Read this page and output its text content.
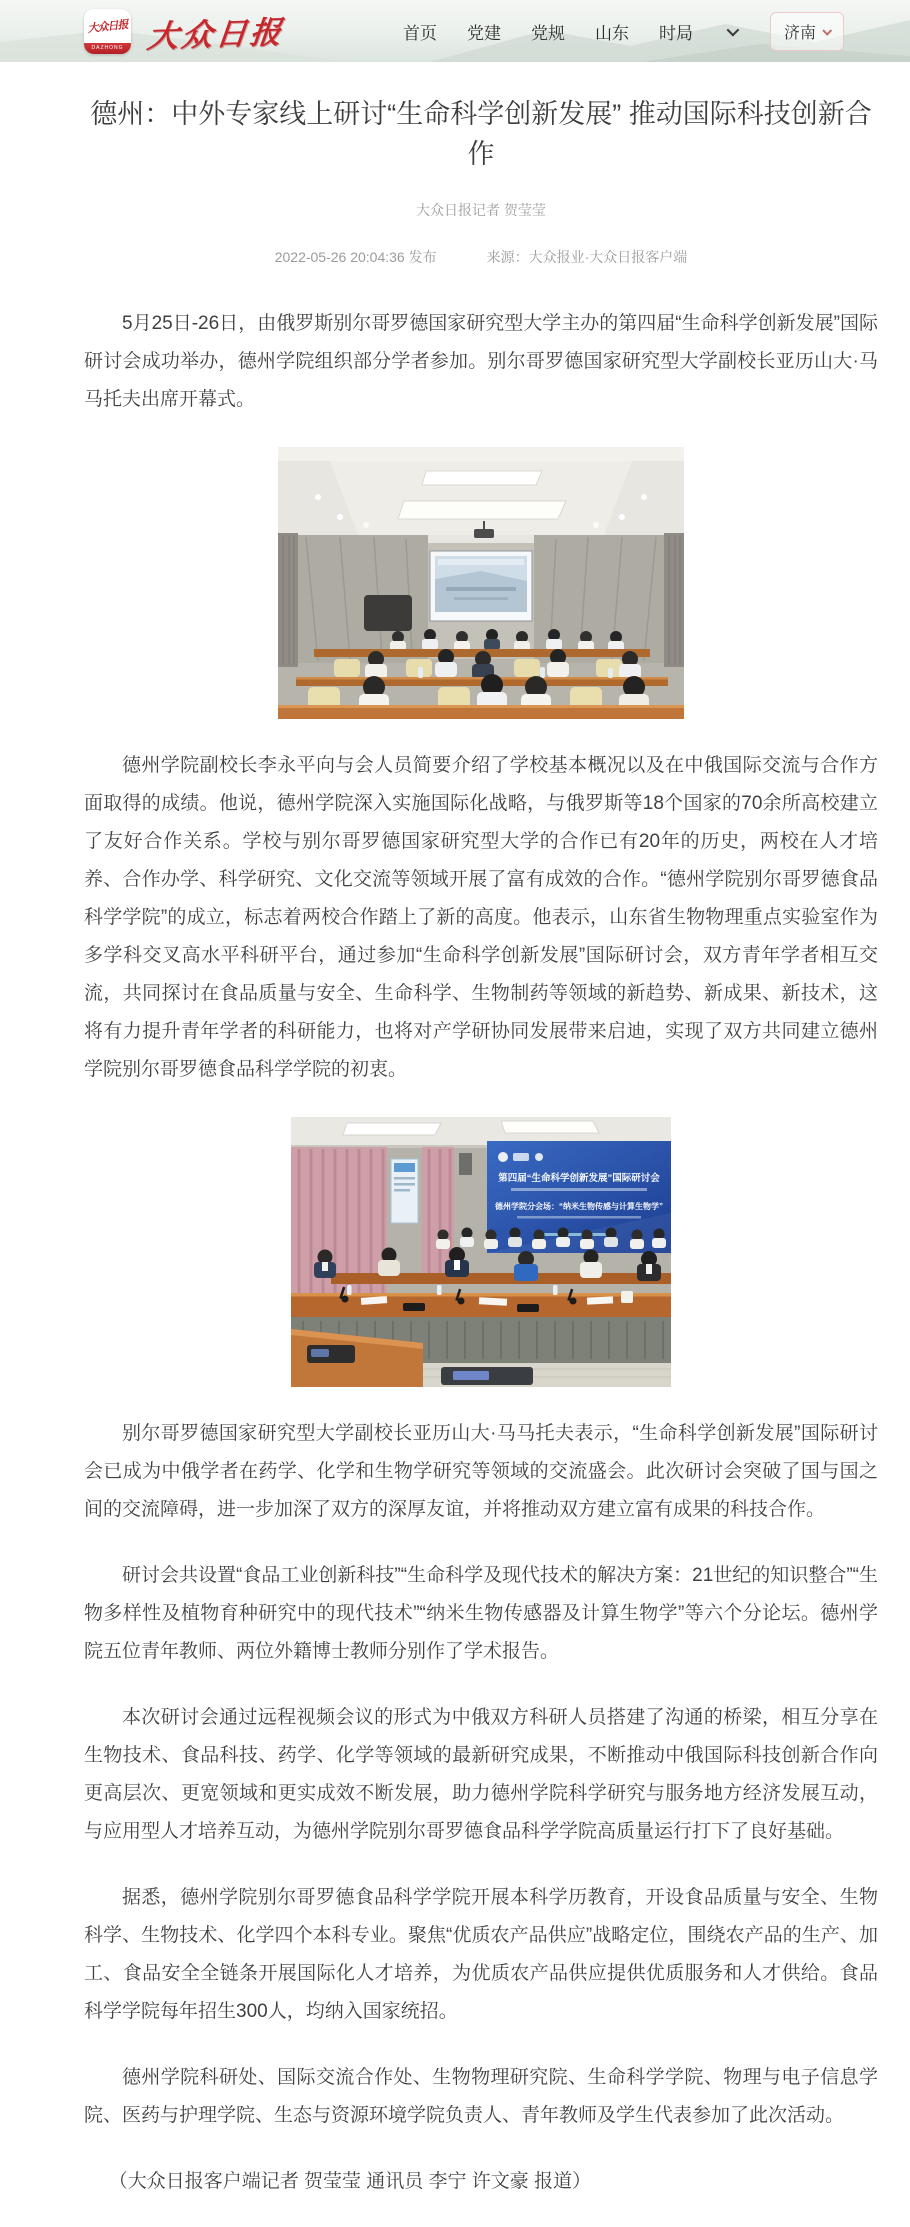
大众日报
DAZHONG 大众日报	首页 党建 党规 山东 时局	济南
德州：中外专家线上研讨“生命科学创新发展” 推动国际科技创新合作
大众日报记者 贺莹莹
2022-05-26 20:04:36 发布	来源：大众报业·大众日报客户端

5月25日-26日，由俄罗斯别尔哥罗德国家研究型大学主办的第四届“生命科学创新发展”国际研讨会成功举办，德州学院组织部分学者参加。别尔哥罗德国家研究型大学副校长亚历山大·马马托夫出席开幕式。

德州学院副校长李永平向与会人员简要介绍了学校基本概况以及在中俄国际交流与合作方面取得的成绩。他说，德州学院深入实施国际化战略，与俄罗斯等18个国家的70余所高校建立了友好合作关系。学校与别尔哥罗德国家研究型大学的合作已有20年的历史，两校在人才培养、合作办学、科学研究、文化交流等领域开展了富有成效的合作。“德州学院别尔哥罗德食品科学学院”的成立，标志着两校合作踏上了新的高度。他表示，山东省生物物理重点实验室作为多学科交叉高水平科研平台，通过参加“生命科学创新发展”国际研讨会，双方青年学者相互交流，共同探讨在食品质量与安全、生命科学、生物制药等领域的新趋势、新成果、新技术，这将有力提升青年学者的科研能力，也将对产学研协同发展带来启迪，实现了双方共同建立德州学院别尔哥罗德食品科学学院的初衷。

第四届“生命科学创新发展”国际研讨会
德州学院分会场：“纳米生物传感与计算生物学”

别尔哥罗德国家研究型大学副校长亚历山大·马马托夫表示，“生命科学创新发展”国际研讨会已成为中俄学者在药学、化学和生物学研究等领域的交流盛会。此次研讨会突破了国与国之间的交流障碍，进一步加深了双方的深厚友谊，并将推动双方建立富有成果的科技合作。

研讨会共设置“食品工业创新科技”“生命科学及现代技术的解决方案：21世纪的知识整合”“生物多样性及植物育种研究中的现代技术”“纳米生物传感器及计算生物学”等六个分论坛。德州学院五位青年教师、两位外籍博士教师分别作了学术报告。

本次研讨会通过远程视频会议的形式为中俄双方科研人员搭建了沟通的桥梁，相互分享在生物技术、食品科技、药学、化学等领域的最新研究成果，不断推动中俄国际科技创新合作向更高层次、更宽领域和更实成效不断发展，助力德州学院科学研究与服务地方经济发展互动，与应用型人才培养互动，为德州学院别尔哥罗德食品科学学院高质量运行打下了良好基础。

据悉，德州学院别尔哥罗德食品科学学院开展本科学历教育，开设食品质量与安全、生物科学、生物技术、化学四个本科专业。聚焦“优质农产品供应”战略定位，围绕农产品的生产、加工、食品安全全链条开展国际化人才培养，为优质农产品供应提供优质服务和人才供给。食品科学学院每年招生300人，均纳入国家统招。

德州学院科研处、国际交流合作处、生物物理研究院、生命科学学院、物理与电子信息学院、医药与护理学院、生态与资源环境学院负责人、青年教师及学生代表参加了此次活动。

（大众日报客户端记者 贺莹莹 通讯员 李宁 许文豪 报道）
